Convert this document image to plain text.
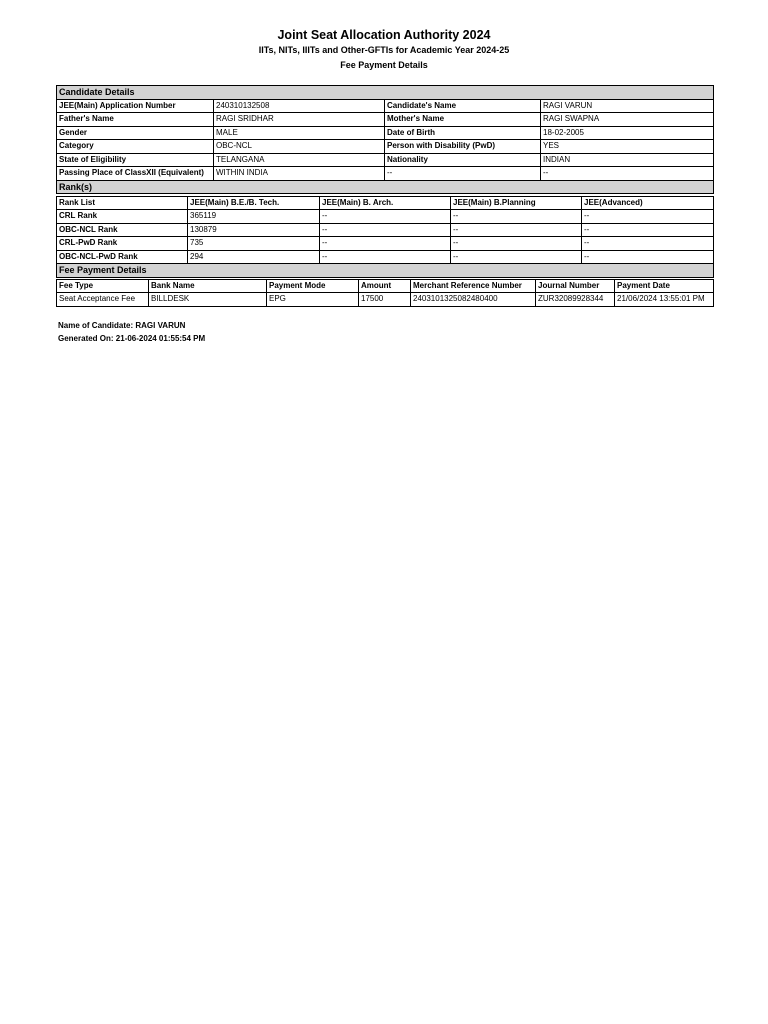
Joint Seat Allocation Authority 2024
IITs, NITs, IIITs and Other-GFTIs for Academic Year 2024-25
Fee Payment Details
Candidate Details			
JEE(Main) Application Number	240310132508	Candidate's Name	RAGI VARUN
Father's Name	RAGI SRIDHAR	Mother's Name	RAGI SWAPNA
Gender	MALE	Date of Birth	18-02-2005
Category	OBC-NCL	Person with Disability (PwD)	YES
State of Eligibility	TELANGANA	Nationality	INDIAN
Passing Place of ClassXII (Equivalent)	WITHIN INDIA	--	--
Rank(s)			
Rank List	JEE(Main) B.E./B. Tech.	JEE(Main) B. Arch.	JEE(Main) B.Planning	JEE(Advanced)
CRL Rank	365119	--	--	--
OBC-NCL Rank	130879	--	--	--
CRL-PwD Rank	735	--	--	--
OBC-NCL-PwD Rank	294	--	--	--
Fee Payment Details				
Fee Type	Bank Name	Payment Mode	Amount	Merchant Reference Number	Journal Number	Payment Date
Seat Acceptance Fee	BILLDESK	EPG	17500	2403101325082480400	ZUR32089928344	21/06/2024 13:55:01 PM
Name of Candidate: RAGI VARUN
Generated On: 21-06-2024 01:55:54 PM
